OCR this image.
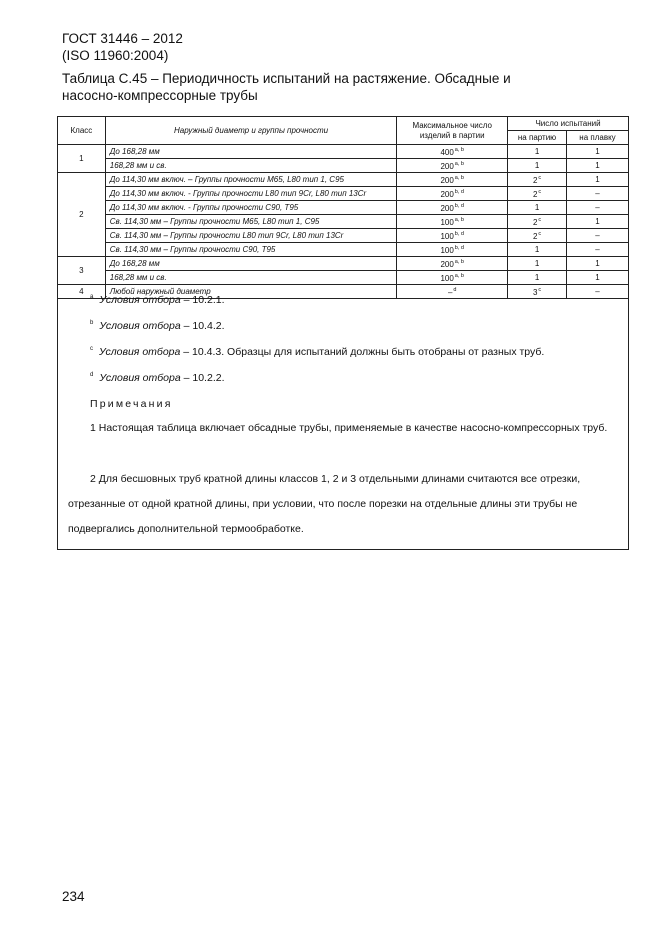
ГОСТ 31446 – 2012
(ISO 11960:2004)
Таблица С.45 – Периодичность испытаний на растяжение. Обсадные и
насосно-компрессорные трубы
Класс	Наружный диаметр и группы прочности	Максимальное число изделий в партии	Число испытаний	
			на партию	на плавку
1	До 168,28 мм	400$^{a, b}$	1	1
	168,28 мм и св.	200$^{a, b}$	1	1
2	До 114,30 мм включ. – Группы прочности М65, L80 тип 1, С95	200$^{a, b}$	2$^c$	1
	До 114,30 мм включ. - Группы прочности L80 тип 9Cr, L80 тип 13Cr	200$^{b, d}$	2$^c$	–
	До 114,30 мм включ. - Группы прочности С90, Т95	200$^{b, d}$	1	–
	Св. 114,30 мм – Группы прочности М65, L80 тип 1, С95	100$^{a, b}$	2$^c$	1
	Св. 114,30 мм – Группы прочности L80 тип 9Cr, L80 тип 13Cr	100$^{b, d}$	2$^c$	–
	Св. 114,30 мм – Группы прочности С90, Т95	100$^{b, d}$	1	–
3	До 168,28 мм	200$^{a, b}$	1	1
	168,28 мм и св.	100$^{a, b}$	1	1
4	Любой наружный диаметр	–$^d$	3$^c$	–
$^a$ Условия отбора – 10.2.1.
$^b$ Условия отбора – 10.4.2.
$^c$ Условия отбора – 10.4.3. Образцы для испытаний должны быть отобраны от разных труб.
$^d$ Условия отбора – 10.2.2.
Примечания
1 Настоящая таблица включает обсадные трубы, применяемые в качестве насосно-компрессорных труб.
2 Для бесшовных труб кратной длины классов 1, 2 и 3 отдельными длинами считаются все отрезки, отрезанные от одной кратной длины, при условии, что после порезки на отдельные длины эти трубы не подвергались дополнительной термообработке.
234
